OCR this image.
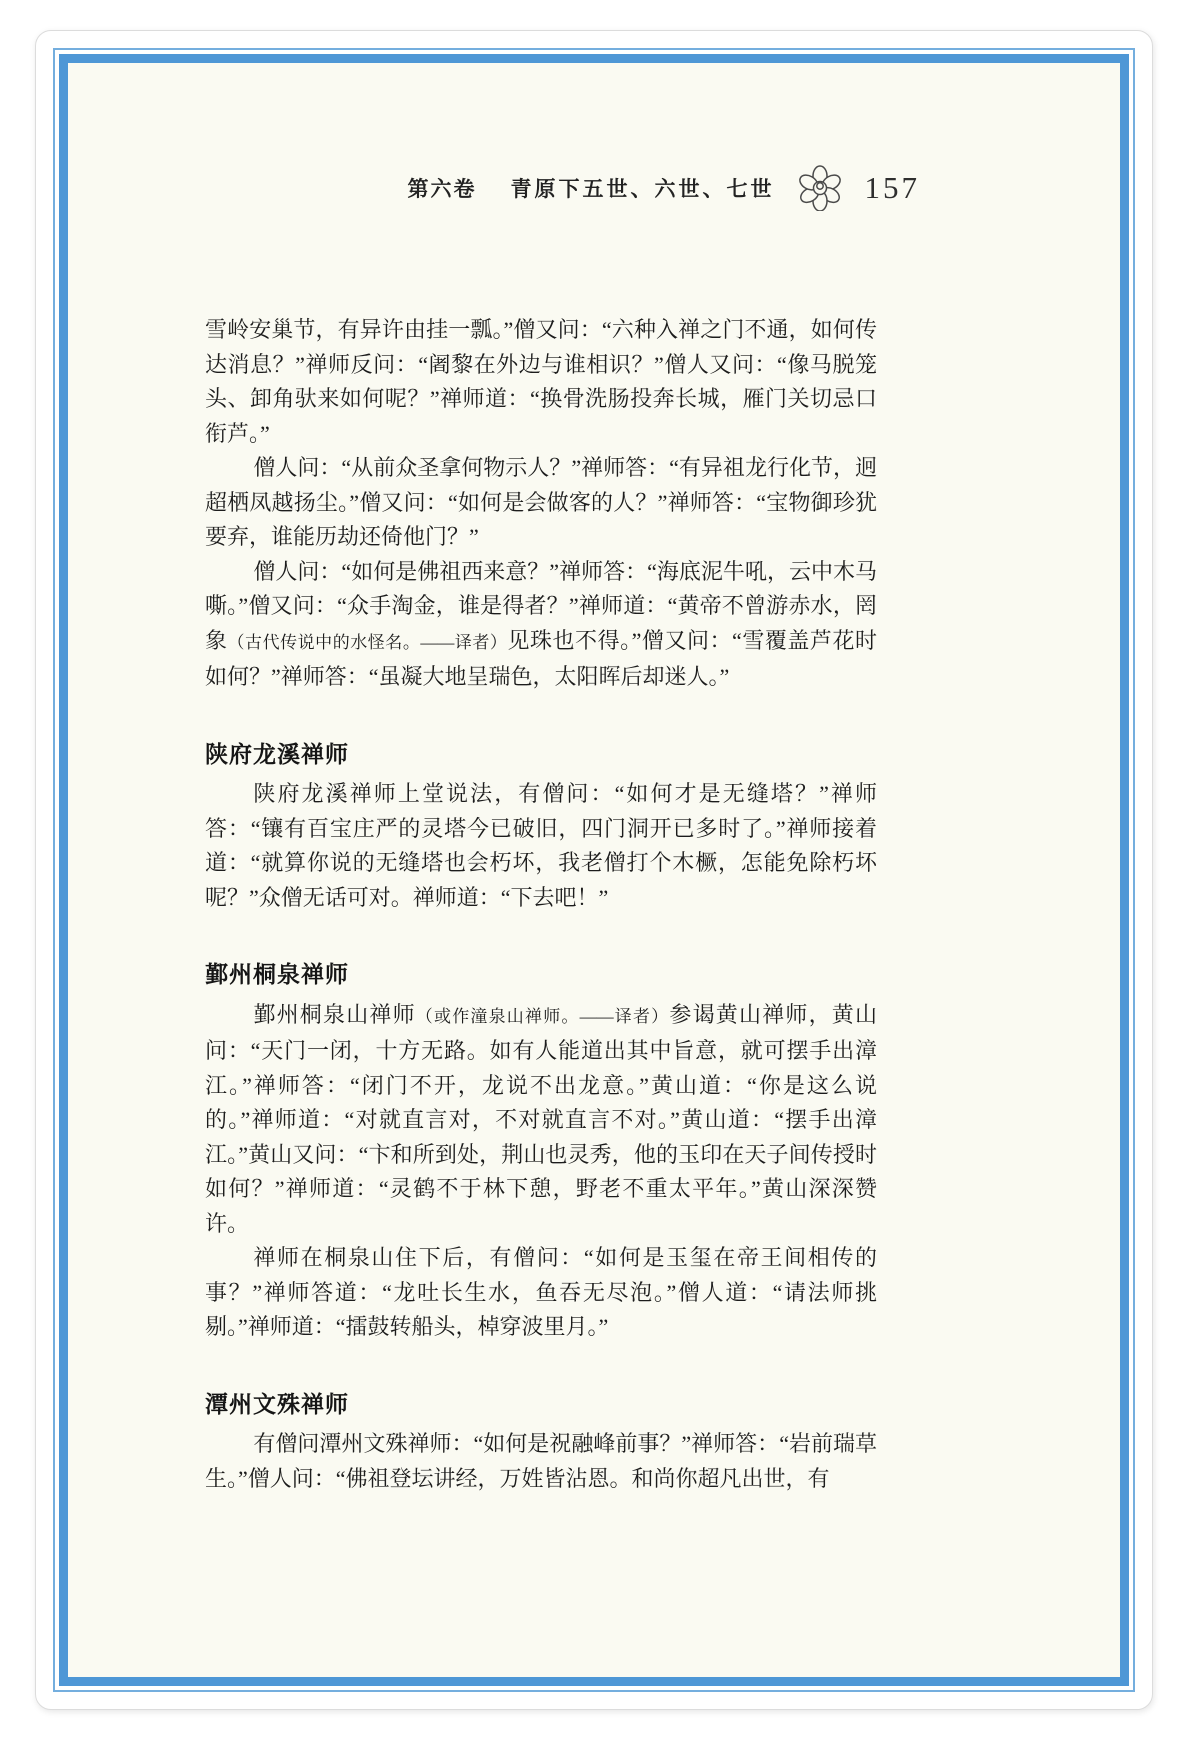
第六卷 青原下五世、六世、七世	157

雪岭安巢节，有异许由挂一瓢。”僧又问：“六种入禅之门不通，如何传达消息？”禅师反问：“阇黎在外边与谁相识？”僧人又问：“像马脱笼头、卸角驮来如何呢？”禅师道：“换骨洗肠投奔长城，雁门关切忌口衔芦。”

僧人问：“从前众圣拿何物示人？”禅师答：“有异祖龙行化节，迥超栖凤越扬尘。”僧又问：“如何是会做客的人？”禅师答：“宝物御珍犹要弃，谁能历劫还倚他门？”

僧人问：“如何是佛祖西来意？”禅师答：“海底泥牛吼，云中木马嘶。”僧又问：“众手淘金，谁是得者？”禅师道：“黄帝不曾游赤水，罔象（古代传说中的水怪名。——译者）见珠也不得。”僧又问：“雪覆盖芦花时如何？”禅师答：“虽凝大地呈瑞色，太阳晖后却迷人。”

陕府龙溪禅师

陕府龙溪禅师上堂说法，有僧问：“如何才是无缝塔？”禅师答：“镶有百宝庄严的灵塔今已破旧，四门洞开已多时了。”禅师接着道：“就算你说的无缝塔也会朽坏，我老僧打个木橛，怎能免除朽坏呢？”众僧无话可对。禅师道：“下去吧！”

鄞州桐泉禅师

鄞州桐泉山禅师（或作潼泉山禅师。——译者）参谒黄山禅师，黄山问：“天门一闭，十方无路。如有人能道出其中旨意，就可摆手出漳江。”禅师答：“闭门不开，龙说不出龙意。”黄山道：“你是这么说的。”禅师道：“对就直言对，不对就直言不对。”黄山道：“摆手出漳江。”黄山又问：“卞和所到处，荆山也灵秀，他的玉印在天子间传授时如何？”禅师道：“灵鹤不于林下憩，野老不重太平年。”黄山深深赞许。

禅师在桐泉山住下后，有僧问：“如何是玉玺在帝王间相传的事？”禅师答道：“龙吐长生水，鱼吞无尽泡。”僧人道：“请法师挑剔。”禅师道：“擂鼓转船头，棹穿波里月。”

潭州文殊禅师

有僧问潭州文殊禅师：“如何是祝融峰前事？”禅师答：“岩前瑞草生。”僧人问：“佛祖登坛讲经，万姓皆沾恩。和尚你超凡出世，有
